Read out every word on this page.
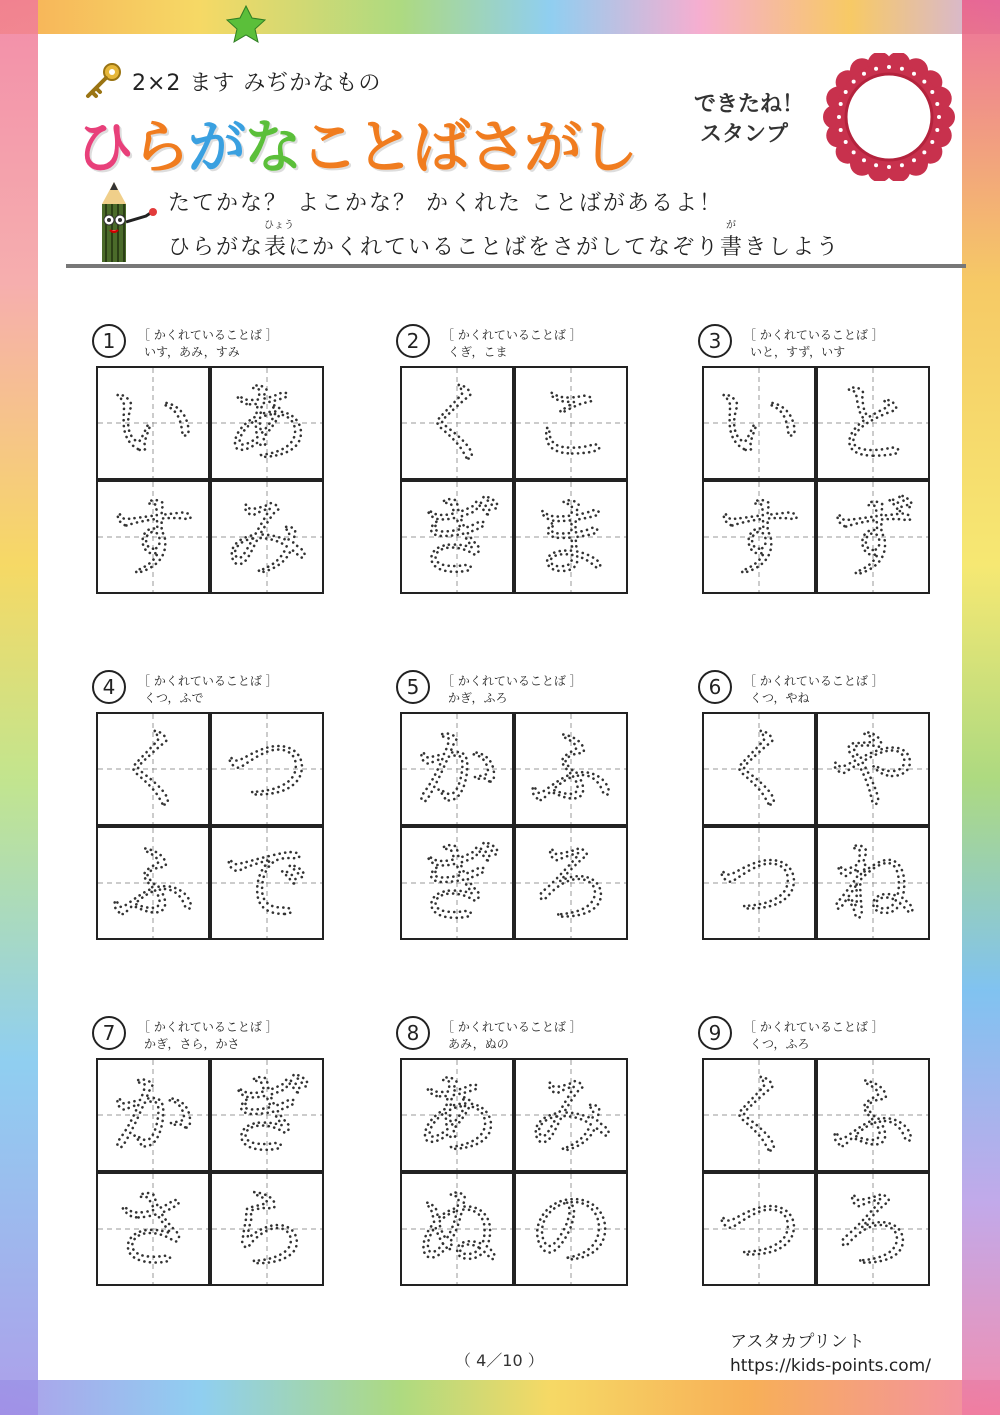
2×2 ます みぢかなもの
ひらがなことばさがし
できたね！
スタンプ
たてかな？ よこかな？ かくれた ことばがあるよ！
ひらがな
ひょう
表にかくれていることばをさがしてなぞり
が
書きしよう
1	［ かくれていることば ］
いす，あみ，すみ
い あ
す み
2	［ かくれていることば ］
くぎ，こま
く こ
ぎ ま
3	［ かくれていることば ］
いと，すず，いす
い と
す ず
4	［ かくれていることば ］
くつ，ふで
く つ
ふ で
5	［ かくれていることば ］
かぎ，ふろ
か ふ
ぎ ろ
6	［ かくれていることば ］
くつ，やね
く や
つ ね
7	［ かくれていることば ］
かぎ，さら，かさ
か ぎ
さ ら
8	［ かくれていることば ］
あみ，ぬの
あ み
ぬ の
9	［ かくれていることば ］
くつ，ふろ
く ふ
つ ろ
（ 4／10 ）
アスタカプリント
https://kids-points.com/
